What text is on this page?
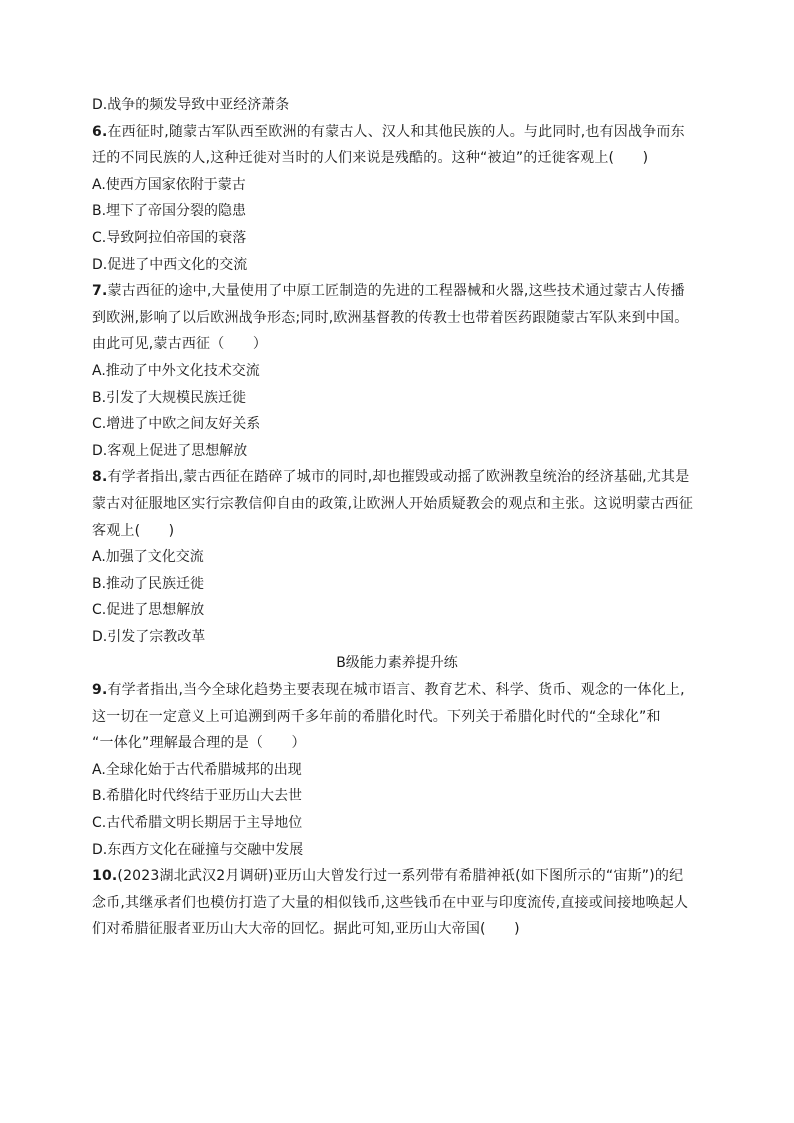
D.战争的频发导致中亚经济萧条
6.在西征时,随蒙古军队西至欧洲的有蒙古人、汉人和其他民族的人。与此同时,也有因战争而东
迁的不同民族的人,这种迁徙对当时的人们来说是残酷的。这种“被迫”的迁徙客观上(　　)
A.使西方国家依附于蒙古
B.埋下了帝国分裂的隐患
C.导致阿拉伯帝国的衰落
D.促进了中西文化的交流
7.蒙古西征的途中,大量使用了中原工匠制造的先进的工程器械和火器,这些技术通过蒙古人传播
到欧洲,影响了以后欧洲战争形态;同时,欧洲基督教的传教士也带着医药跟随蒙古军队来到中国。
由此可见,蒙古西征（　　）
A.推动了中外文化技术交流
B.引发了大规模民族迁徙
C.增进了中欧之间友好关系
D.客观上促进了思想解放
8.有学者指出,蒙古西征在踏碎了城市的同时,却也摧毁或动摇了欧洲教皇统治的经济基础,尤其是
蒙古对征服地区实行宗教信仰自由的政策,让欧洲人开始质疑教会的观点和主张。这说明蒙古西征
客观上(　　)
A.加强了文化交流
B.推动了民族迁徙
C.促进了思想解放
D.引发了宗教改革
B级能力素养提升练
9.有学者指出,当今全球化趋势主要表现在城市语言、教育艺术、科学、货币、观念的一体化上,
这一切在一定意义上可追溯到两千多年前的希腊化时代。下列关于希腊化时代的“全球化”和
“一体化”理解最合理的是（　　）
A.全球化始于古代希腊城邦的出现
B.希腊化时代终结于亚历山大去世
C.古代希腊文明长期居于主导地位
D.东西方文化在碰撞与交融中发展
10.(2023湖北武汉2月调研)亚历山大曾发行过一系列带有希腊神祇(如下图所示的“宙斯”)的纪
念币,其继承者们也模仿打造了大量的相似钱币,这些钱币在中亚与印度流传,直接或间接地唤起人
们对希腊征服者亚历山大大帝的回忆。据此可知,亚历山大帝国(　　)
